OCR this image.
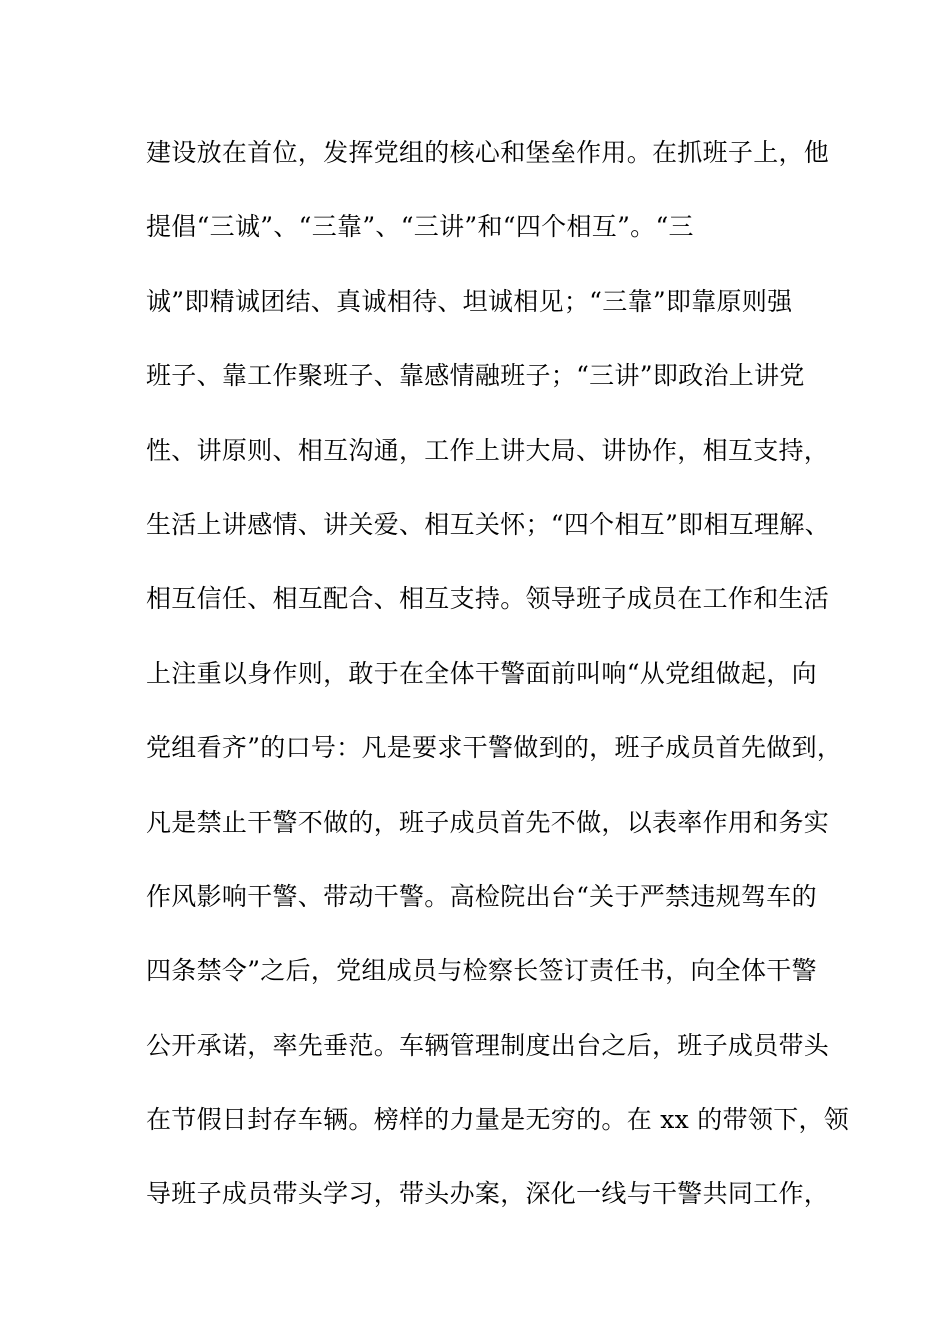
建设放在首位，发挥党组的核心和堡垒作用。在抓班子上，他
提倡“三诚”、“三靠”、“三讲”和“四个相互”。“三
诚”即精诚团结、真诚相待、坦诚相见；“三靠”即靠原则强
班子、靠工作聚班子、靠感情融班子；“三讲”即政治上讲党
性、讲原则、相互沟通，工作上讲大局、讲协作，相互支持，
生活上讲感情、讲关爱、相互关怀；“四个相互”即相互理解、
相互信任、相互配合、相互支持。领导班子成员在工作和生活
上注重以身作则，敢于在全体干警面前叫响“从党组做起，向
党组看齐”的口号：凡是要求干警做到的，班子成员首先做到，
凡是禁止干警不做的，班子成员首先不做，以表率作用和务实
作风影响干警、带动干警。高检院出台“关于严禁违规驾车的
四条禁令”之后，党组成员与检察长签订责任书，向全体干警
公开承诺，率先垂范。车辆管理制度出台之后，班子成员带头
在节假日封存车辆。榜样的力量是无穷的。在 xx 的带领下，领
导班子成员带头学习，带头办案，深化一线与干警共同工作，
